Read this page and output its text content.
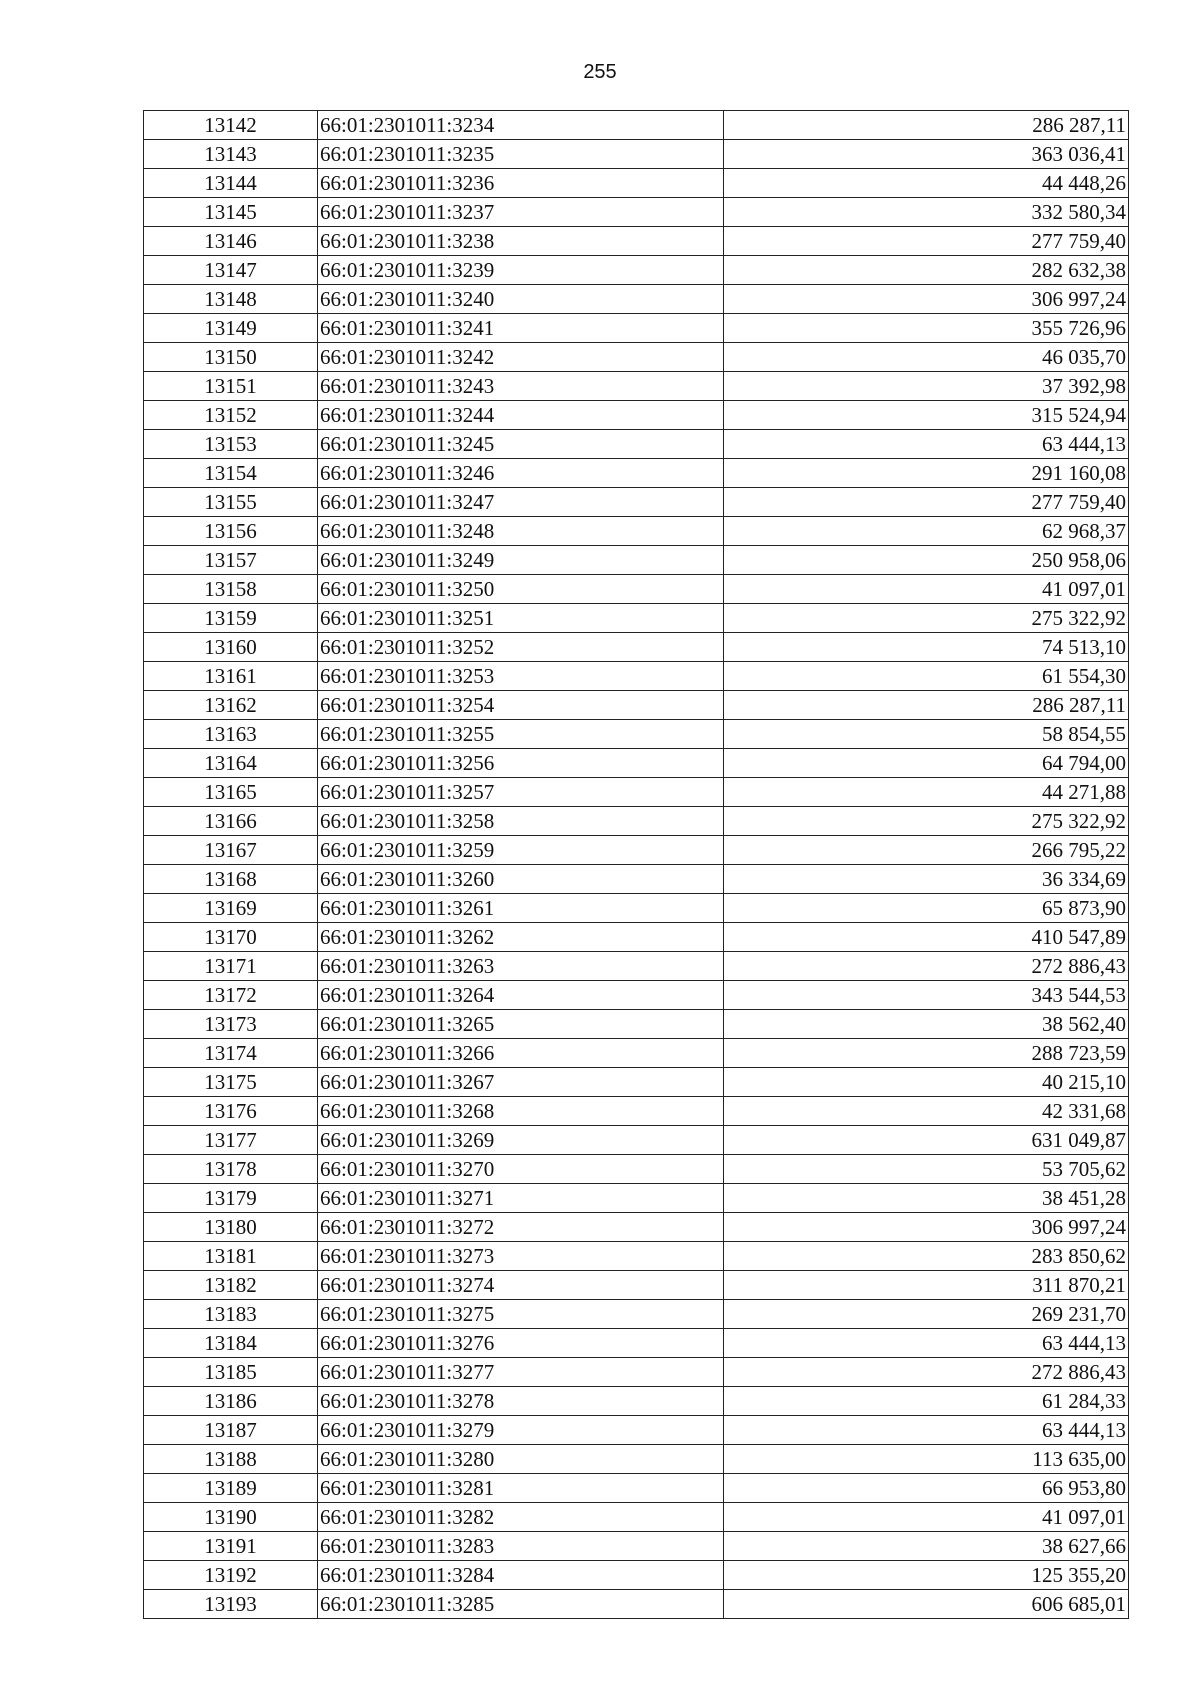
255
13142	66:01:2301011:3234	286 287,11
13143	66:01:2301011:3235	363 036,41
13144	66:01:2301011:3236	44 448,26
13145	66:01:2301011:3237	332 580,34
13146	66:01:2301011:3238	277 759,40
13147	66:01:2301011:3239	282 632,38
13148	66:01:2301011:3240	306 997,24
13149	66:01:2301011:3241	355 726,96
13150	66:01:2301011:3242	46 035,70
13151	66:01:2301011:3243	37 392,98
13152	66:01:2301011:3244	315 524,94
13153	66:01:2301011:3245	63 444,13
13154	66:01:2301011:3246	291 160,08
13155	66:01:2301011:3247	277 759,40
13156	66:01:2301011:3248	62 968,37
13157	66:01:2301011:3249	250 958,06
13158	66:01:2301011:3250	41 097,01
13159	66:01:2301011:3251	275 322,92
13160	66:01:2301011:3252	74 513,10
13161	66:01:2301011:3253	61 554,30
13162	66:01:2301011:3254	286 287,11
13163	66:01:2301011:3255	58 854,55
13164	66:01:2301011:3256	64 794,00
13165	66:01:2301011:3257	44 271,88
13166	66:01:2301011:3258	275 322,92
13167	66:01:2301011:3259	266 795,22
13168	66:01:2301011:3260	36 334,69
13169	66:01:2301011:3261	65 873,90
13170	66:01:2301011:3262	410 547,89
13171	66:01:2301011:3263	272 886,43
13172	66:01:2301011:3264	343 544,53
13173	66:01:2301011:3265	38 562,40
13174	66:01:2301011:3266	288 723,59
13175	66:01:2301011:3267	40 215,10
13176	66:01:2301011:3268	42 331,68
13177	66:01:2301011:3269	631 049,87
13178	66:01:2301011:3270	53 705,62
13179	66:01:2301011:3271	38 451,28
13180	66:01:2301011:3272	306 997,24
13181	66:01:2301011:3273	283 850,62
13182	66:01:2301011:3274	311 870,21
13183	66:01:2301011:3275	269 231,70
13184	66:01:2301011:3276	63 444,13
13185	66:01:2301011:3277	272 886,43
13186	66:01:2301011:3278	61 284,33
13187	66:01:2301011:3279	63 444,13
13188	66:01:2301011:3280	113 635,00
13189	66:01:2301011:3281	66 953,80
13190	66:01:2301011:3282	41 097,01
13191	66:01:2301011:3283	38 627,66
13192	66:01:2301011:3284	125 355,20
13193	66:01:2301011:3285	606 685,01
